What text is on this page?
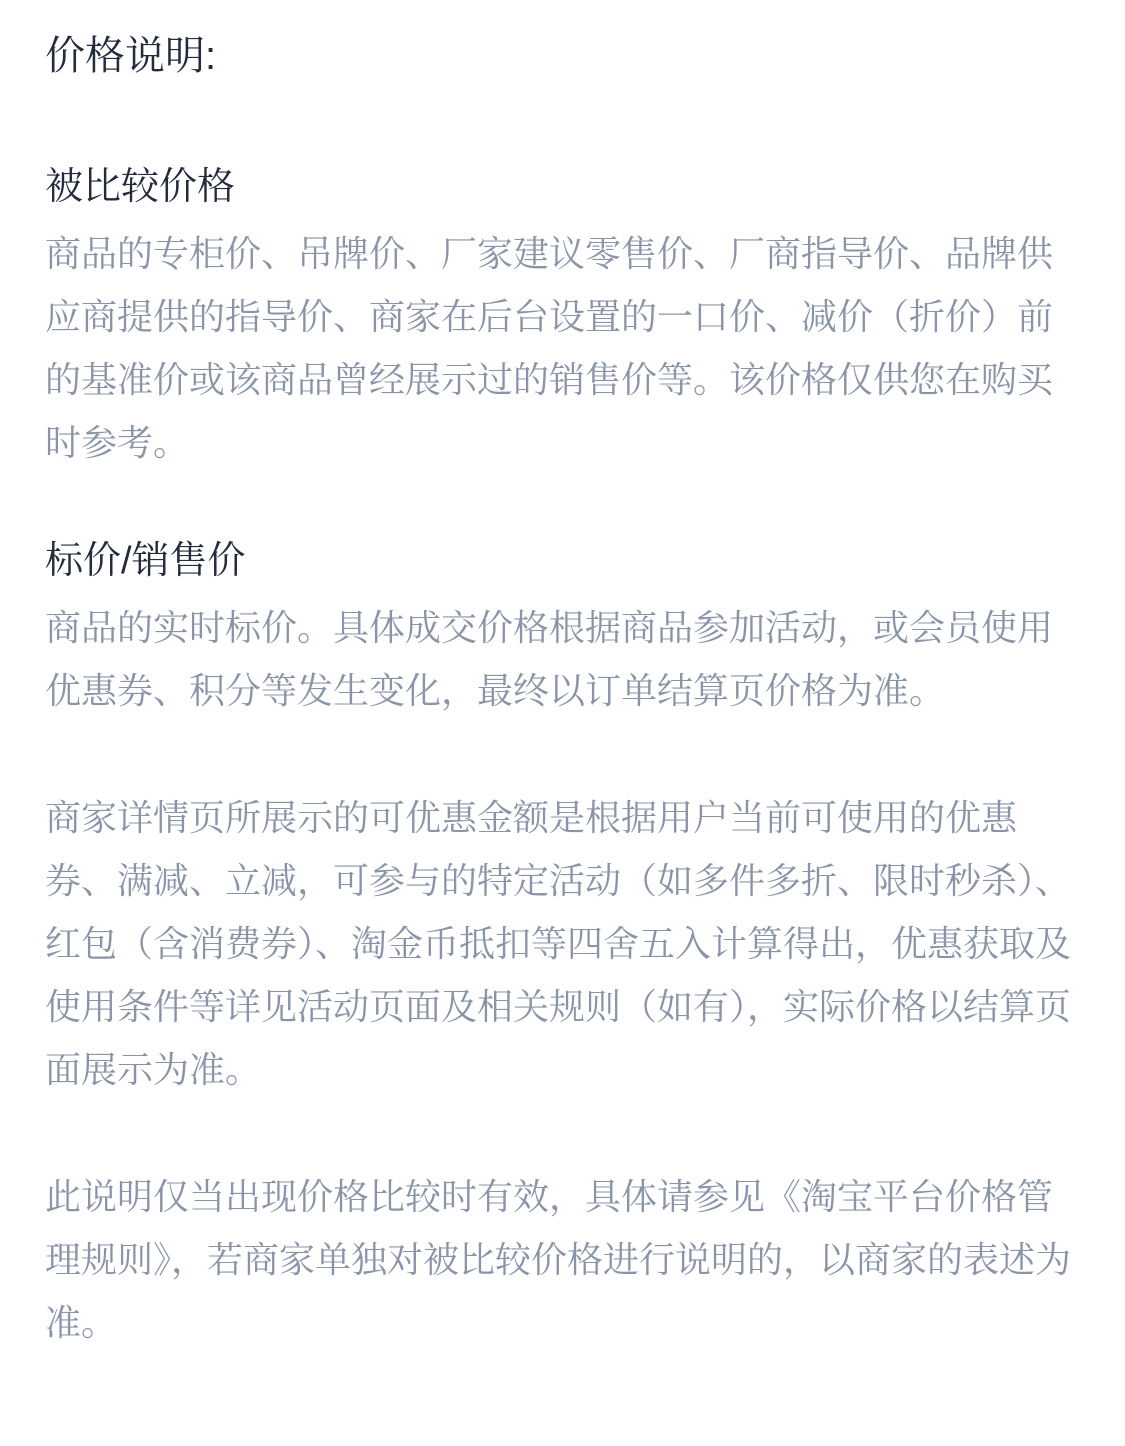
价格说明:
被比较价格

商品的专柜价、吊牌价、厂家建议零售价、厂商指导价、品牌供应商提供的指导价、商家在后台设置的一口价、减价（折价）前的基准价或该商品曾经展示过的销售价等。该价格仅供您在购买时参考。

标价/销售价

商品的实时标价。具体成交价格根据商品参加活动，或会员使用优惠券、积分等发生变化，最终以订单结算页价格为准。

商家详情页所展示的可优惠金额是根据用户当前可使用的优惠券、满减、立减，可参与的特定活动（如多件多折、限时秒杀）、红包（含消费券）、淘金币抵扣等四舍五入计算得出，优惠获取及使用条件等详见活动页面及相关规则（如有），实际价格以结算页面展示为准。

此说明仅当出现价格比较时有效，具体请参见《淘宝平台价格管理规则》，若商家单独对被比较价格进行说明的，以商家的表述为准。
